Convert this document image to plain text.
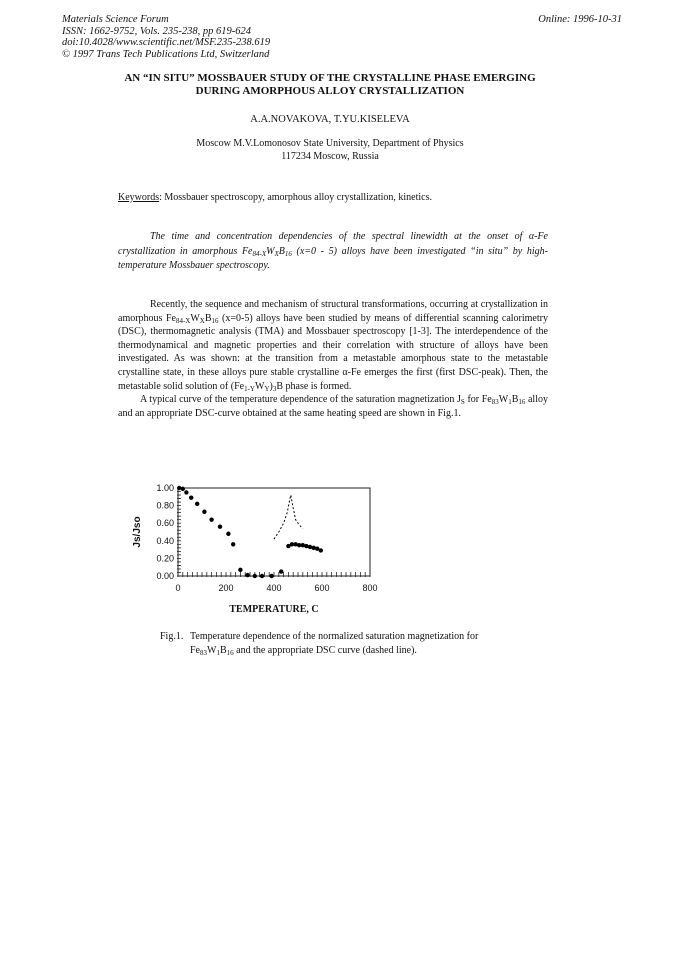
Materials Science Forum
ISSN: 1662-9752, Vols. 235-238, pp 619-624
doi:10.4028/www.scientific.net/MSF.235-238.619
© 1997 Trans Tech Publications Ltd, Switzerland
Online: 1996-10-31
AN “IN SITU” MOSSBAUER STUDY OF THE CRYSTALLINE PHASE EMERGING
DURING AMORPHOUS ALLOY CRYSTALLIZATION
A.A.NOVAKOVA, T.YU.KISELEVA
Moscow M.V.Lomonosov State University, Department of Physics
117234 Moscow, Russia
Keywords: Mossbauer spectroscopy, amorphous alloy crystallization, kinetics.
The time and concentration dependencies of the spectral linewidth at the onset of α-Fe crystallization in amorphous $Fe_{84-X}W_XB_{16}$ (x=0 - 5) alloys have been investigated “in situ” by high-temperature Mossbauer spectroscopy.

Recently, the sequence and mechanism of structural transformations, occurring at crystallization in amorphous $Fe_{84-X}W_XB_{16}$ (x=0-5) alloys have been studied by means of differential scanning calorimetry (DSC), thermomagnetic analysis (TMA) and Mossbauer spectroscopy [1-3]. The interdependence of the thermodynamical and magnetic properties and their correlation with structure of alloys have been investigated. As was shown: at the transition from a metastable amorphous state to the metastable crystalline state, in these alloys pure stable crystalline α-Fe emerges the first (first DSC-peak). Then, the metastable solid solution of $(Fe_{1-Y}W_Y)_3B$ phase is formed.

A typical curve of the temperature dependence of the saturation magnetization $J_S$ for $Fe_{83}W_1B_{16}$ alloy and an appropriate DSC-curve obtained at the same heating speed are shown in Fig.1.

0.00
0.20
0.40
0.60
0.80
1.00
0	200	400	600	800
Js/Jso
TEMPERATURE, C
Fig.1. Temperature dependence of the normalized saturation magnetization for $Fe_{83}W_1B_{16}$ and the appropriate DSC curve (dashed line).
